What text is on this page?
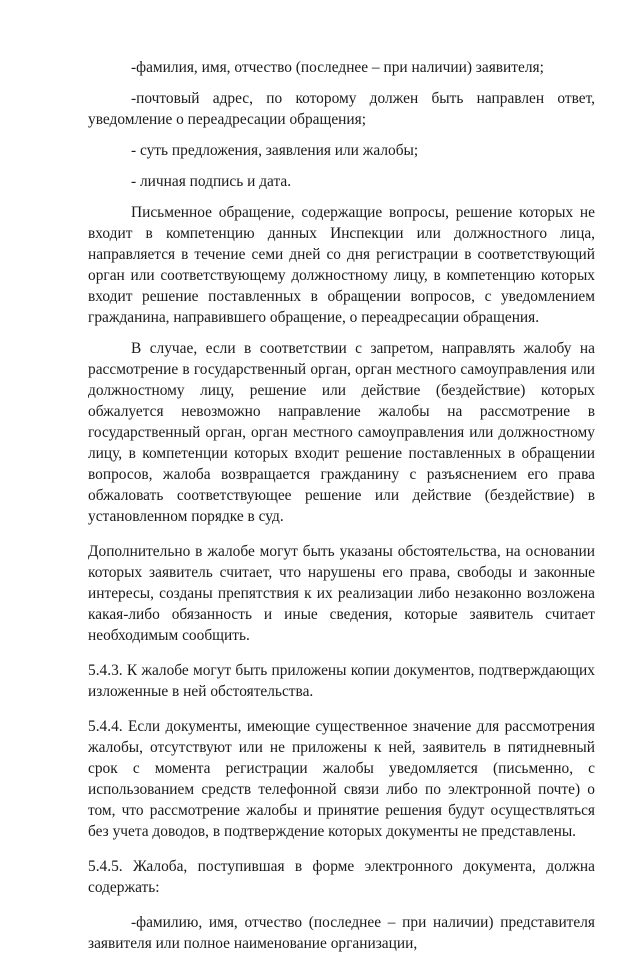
-фамилия, имя, отчество (последнее – при наличии) заявителя;

-почтовый адрес, по которому должен быть направлен ответ, уведомление о переадресации обращения;

- суть предложения, заявления или жалобы;

- личная подпись и дата.

Письменное обращение, содержащие вопросы, решение которых не входит в компетенцию данных Инспекции или должностного лица, направляется в течение семи дней со дня регистрации в соответствующий орган или соответствующему должностному лицу, в компетенцию которых входит решение поставленных в обращении вопросов, с уведомлением гражданина, направившего обращение, о переадресации обращения.

В случае, если в соответствии с запретом, направлять жалобу на рассмотрение в государственный орган, орган местного самоуправления или должностному лицу, решение или действие (бездействие) которых обжалуется невозможно направление жалобы на рассмотрение в государственный орган, орган местного самоуправления или должностному лицу, в компетенции которых входит решение поставленных в обращении вопросов, жалоба возвращается гражданину с разъяснением его права обжаловать соответствующее решение или действие (бездействие) в установленном порядке в суд.

Дополнительно в жалобе могут быть указаны обстоятельства, на основании которых заявитель считает, что нарушены его права, свободы и законные интересы, созданы препятствия к их реализации либо незаконно возложена какая-либо обязанность и иные сведения, которые заявитель считает необходимым сообщить.

5.4.3. К жалобе могут быть приложены копии документов, подтверждающих изложенные в ней обстоятельства.

5.4.4. Если документы, имеющие существенное значение для рассмотрения жалобы, отсутствуют или не приложены к ней, заявитель в пятидневный срок с момента регистрации жалобы уведомляется (письменно, с использованием средств телефонной связи либо по электронной почте) о том, что рассмотрение жалобы и принятие решения будут осуществляться без учета доводов, в подтверждение которых документы не представлены.

5.4.5. Жалоба, поступившая в форме электронного документа, должна содержать:

-фамилию, имя, отчество (последнее – при наличии) представителя заявителя или полное наименование организации,
